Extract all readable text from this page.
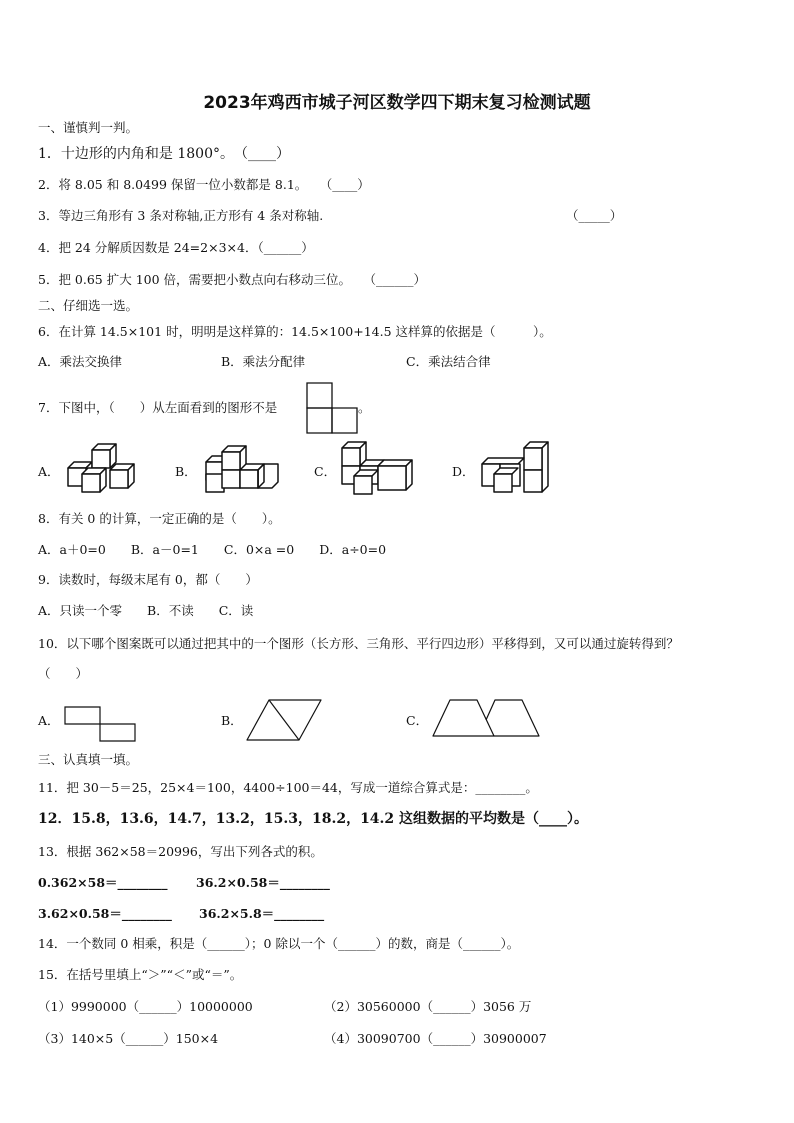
2023年鸡西市城子河区数学四下期末复习检测试题
一、谨慎判一判。
1．十边形的内角和是 1800°。　（____）
2．将 8.05 和 8.0499 保留一位小数都是 8.1。　　（____）
3．等边三角形有 3 条对称轴,正方形有 4 条对称轴.	（_____）
4．把 24 分解质因数是 24=2×3×4．（______）
5．把 0.65 扩大 100 倍，需要把小数点向右移动三位。　　（______）
二、仔细选一选。
6．在计算 14.5×101 时，明明是这样算的：14.5×100+14.5 这样算的依据是（　　　）。
A．乘法交换律	B．乘法分配律	C．乘法结合律
7．下图中，（　　）从左面看到的图形不是	。
A．	B．	C．	D．
8．有关 0 的计算，一定正确的是（　　）。
A．a＋0=0　　B．a－0=1　　C．0×a =0　　D．a÷0=0
9．读数时，每级末尾有 0，都（　　）
A．只读一个零　　B．不读　　C．读
10．以下哪个图案既可以通过把其中的一个图形（长方形、三角形、平行四边形）平移得到，又可以通过旋转得到？
（　　）
A．	B．	C．
三、认真填一填。
11．把 30－5＝25，25×4＝100，4400÷100＝44，写成一道综合算式是：________。
12．15.8，13.6，14.7，13.2，15.3，18.2，14.2 这组数据的平均数是（____）。
13．根据 362×58＝20996，写出下列各式的积。
0.362×58＝________ 36.2×0.58＝________
3.62×0.58＝________ 36.2×5.8＝________
14．一个数同 0 相乘，积是（______）；0 除以一个（______）的数，商是（______）。
15．在括号里填上“＞”“＜”或“＝”。
（1）9990000（______）10000000	（2）30560000（______）3056 万
（3）140×5（______）150×4	（4）30090700（______）30900007
